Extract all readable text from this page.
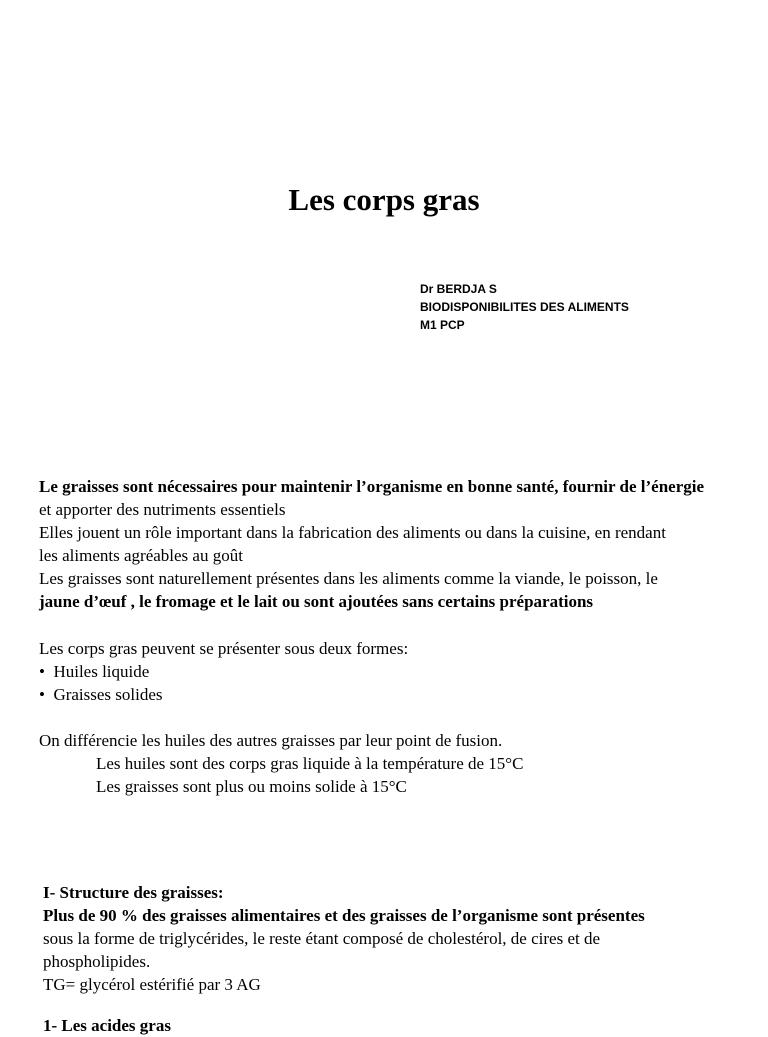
Les corps gras
Dr BERDJA S
BIODISPONIBILITES DES ALIMENTS
M1 PCP
Le graisses sont nécessaires pour maintenir l’organisme en bonne santé, fournir de l’énergie
et apporter des nutriments essentiels
Elles jouent un rôle important dans la fabrication des aliments ou dans la cuisine, en rendant
les aliments agréables au goût
Les graisses sont naturellement présentes dans les aliments comme la viande, le poisson, le
jaune d’œuf , le fromage et le lait ou sont ajoutées sans certains préparations
Les corps gras peuvent se présenter sous deux formes:
• Huiles liquide
• Graisses solides
On différencie les huiles des autres graisses par leur point de fusion.
Les huiles sont des corps gras liquide à la température de 15°C
Les graisses sont plus ou moins solide à 15°C
I- Structure des graisses:
Plus de 90 % des graisses alimentaires et des graisses de l’organisme sont présentes
sous la forme de triglycérides, le reste étant composé de cholestérol, de cires et de
phospholipides.
TG= glycérol estérifié par 3 AG
1- Les acides gras
